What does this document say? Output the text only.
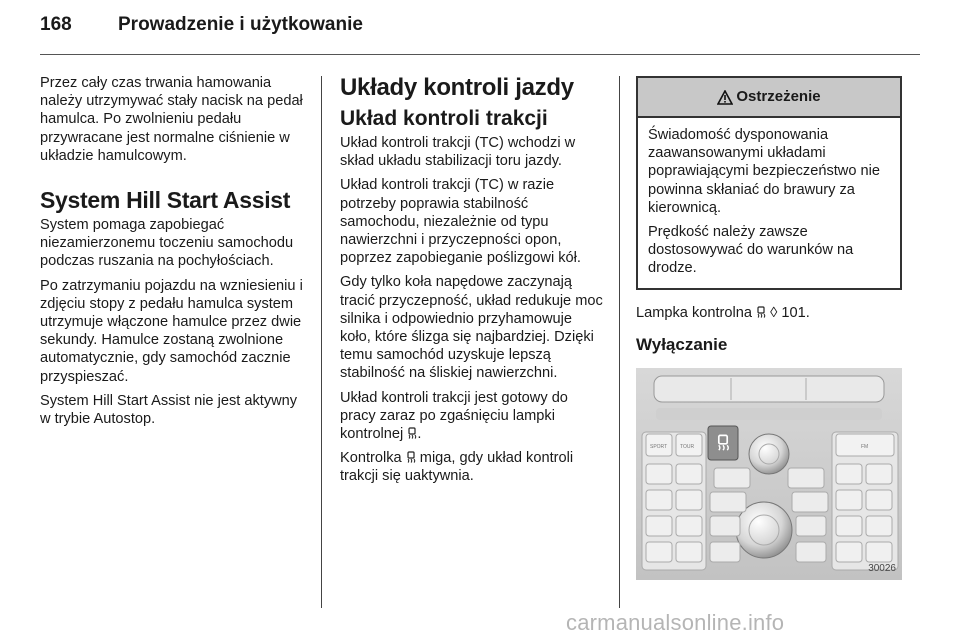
168 Prowadzenie i użytkowanie

Przez cały czas trwania hamowania należy utrzymywać stały nacisk na pedał hamulca. Po zwolnieniu pedału przywracane jest normalne ciśnienie w układzie hamulcowym.

System Hill Start Assist

System pomaga zapobiegać niezamierzonemu toczeniu samochodu podczas ruszania na pochyłościach.

Po zatrzymaniu pojazdu na wzniesieniu i zdjęciu stopy z pedału hamulca system utrzymuje włączone hamulce przez dwie sekundy. Hamulce zostaną zwolnione automatycznie, gdy samochód zacznie przyspieszać.

System Hill Start Assist nie jest aktywny w trybie Autostop.

Układy kontroli jazdy
Układ kontroli trakcji

Układ kontroli trakcji (TC) wchodzi w skład układu stabilizacji toru jazdy.

Układ kontroli trakcji (TC) w razie potrzeby poprawia stabilność samochodu, niezależnie od typu nawierzchni i przyczepności opon, poprzez zapobieganie poślizgowi kół.

Gdy tylko koła napędowe zaczynają tracić przyczepność, układ redukuje moc silnika i odpowiednio przyhamowuje koło, które ślizga się najbardziej. Dzięki temu samochód uzyskuje lepszą stabilność na śliskiej nawierzchni.

Układ kontroli trakcji jest gotowy do pracy zaraz po zgaśnięciu lampki kontrolnej .

Kontrolka miga, gdy układ kontroli trakcji się uaktywnia.

Ostrzeżenie

Świadomość dysponowania zaawansowanymi układami poprawiającymi bezpieczeństwo nie powinna skłaniać do brawury za kierownicą.

Prędkość należy zawsze dostosowywać do warunków na drodze.

Lampka kontrolna ◊ 101.

Wyłączanie
SPORT	TOUR	FM
30026
carmanualsonline.info
